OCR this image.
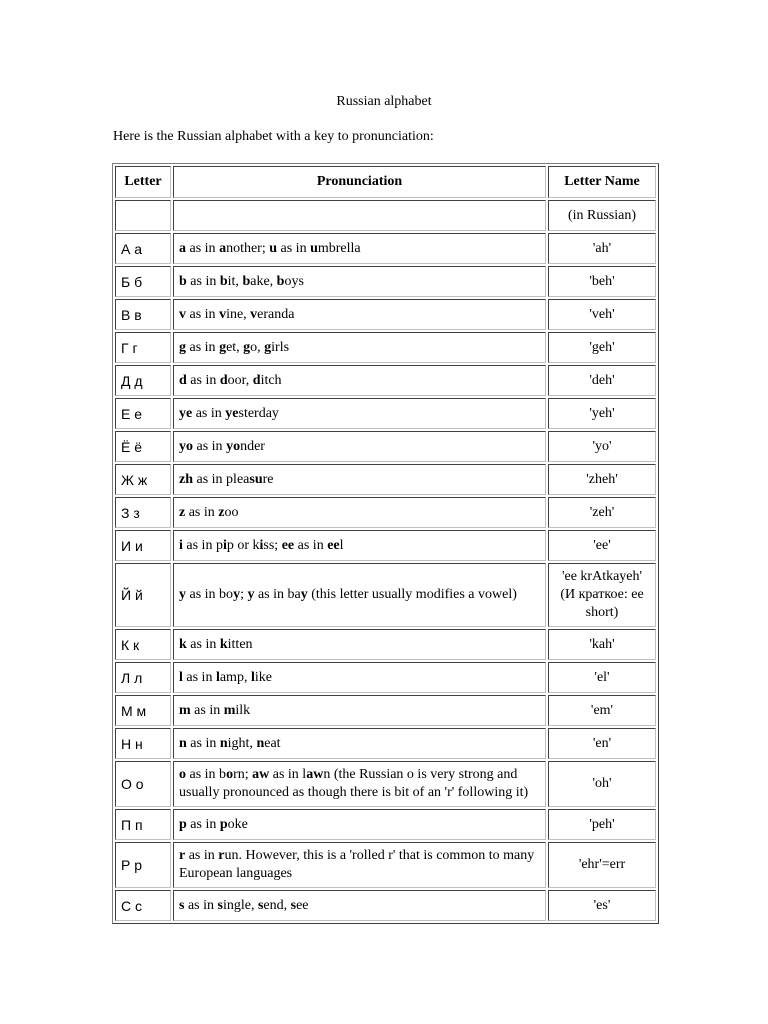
Russian alphabet
Here is the Russian alphabet with a key to pronunciation:
Letter	Pronunciation	Letter Name
		(in Russian)
А а	a as in another; u as in umbrella	'ah'
Б б	b as in bit, bake, boys	'beh'
В в	v as in vine, veranda	'veh'
Г г	g as in get, go, girls	'geh'
Д д	d as in door, ditch	'deh'
Е е	ye as in yesterday	'yeh'
Ё ё	yo as in yonder	'yo'
Ж ж	zh as in pleasure	'zheh'
З з	z as in zoo	'zeh'
И и	i as in pip or kiss; ee as in eel	'ee'
Й й	y as in boy; y as in bay (this letter usually modifies a vowel)	'ee krAtkayeh' (И краткое: ee short)
К к	k as in kitten	'kah'
Л л	l as in lamp, like	'el'
М м	m as in milk	'em'
Н н	n as in night, neat	'en'
О о	o as in born; aw as in lawn (the Russian o is very strong and usually pronounced as though there is bit of an 'r' following it)	'oh'
П п	p as in poke	'peh'
Р р	r as in run. However, this is a 'rolled r' that is common to many European languages	'ehr'=err
С с	s as in single, send, see	'es'
